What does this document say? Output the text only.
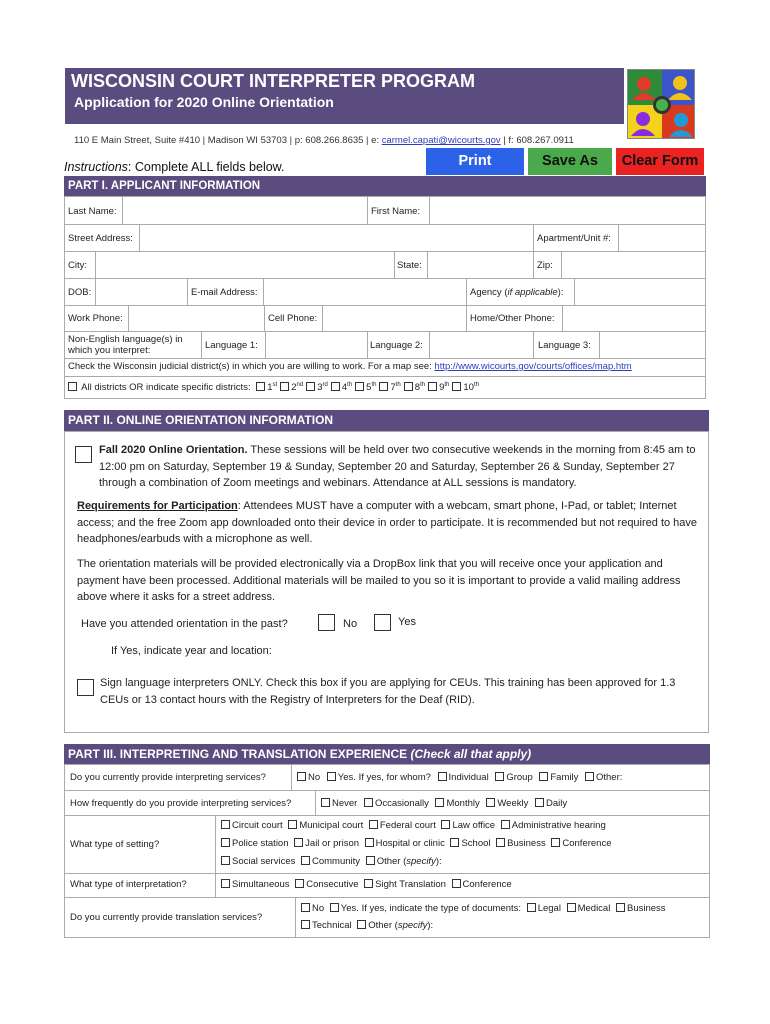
WISCONSIN COURT INTERPRETER PROGRAM
Application for 2020 Online Orientation
110 E Main Street, Suite #410 | Madison WI 53703 | p: 608.266.8635 | e: carmel.capati@wicourts.gov | f: 608.267.0911
Print	Save As	Clear Form
Instructions: Complete ALL fields below.
PART I. APPLICANT INFORMATION
Last Name:	First Name:
Street Address:	Apartment/Unit #:
City:	State:	Zip:
DOB:	E-mail Address:	Agency (if applicable):
Work Phone:	Cell Phone:	Home/Other Phone:
Non-English language(s) in
which you interpret:	Language 1:	Language 2:	Language 3:
Check the Wisconsin judicial district(s) in which you are willing to work. For a map see: http://www.wicourts.gov/courts/offices/map.htm
All districts OR indicate specific districts: 1st 2nd 3rd 4th 5th 7th 8th 9th 10th
PART II. ONLINE ORIENTATION INFORMATION
Fall 2020 Online Orientation. These sessions will be held over two consecutive weekends in the morning from 8:45 am to 12:00 pm on Saturday, September 19 & Sunday, September 20 and Saturday, September 26 & Sunday, September 27 through a combination of Zoom meetings and webinars. Attendance at ALL sessions is mandatory.
Requirements for Participation: Attendees MUST have a computer with a webcam, smart phone, I-Pad, or tablet; Internet access; and the free Zoom app downloaded onto their device in order to participate. It is recommended but not required to have headphones/earbuds with a microphone as well.
The orientation materials will be provided electronically via a DropBox link that you will receive once your application and payment have been processed. Additional materials will be mailed to you so it is important to provide a valid mailing address above where it asks for a street address.
Have you attended orientation in the past?	No	Yes
If Yes, indicate year and location:
Sign language interpreters ONLY. Check this box if you are applying for CEUs. This training has been approved for 1.3 CEUs or 13 contact hours with the Registry of Interpreters for the Deaf (RID).
PART III. INTERPRETING AND TRANSLATION EXPERIENCE (Check all that apply)
Do you currently provide interpreting services?	No Yes. If yes, for whom? Individual Group Family Other:
How frequently do you provide interpreting services?	Never Occasionally Monthly Weekly Daily
What type of setting?
Circuit court Municipal court Federal court Law office Administrative hearing
Police station Jail or prison Hospital or clinic School Business Conference
Social services Community Other (specify):
What type of interpretation?	Simultaneous Consecutive Sight Translation Conference
Do you currently provide translation services?
No Yes. If yes, indicate the type of documents: Legal Medical Business
Technical Other (specify):
